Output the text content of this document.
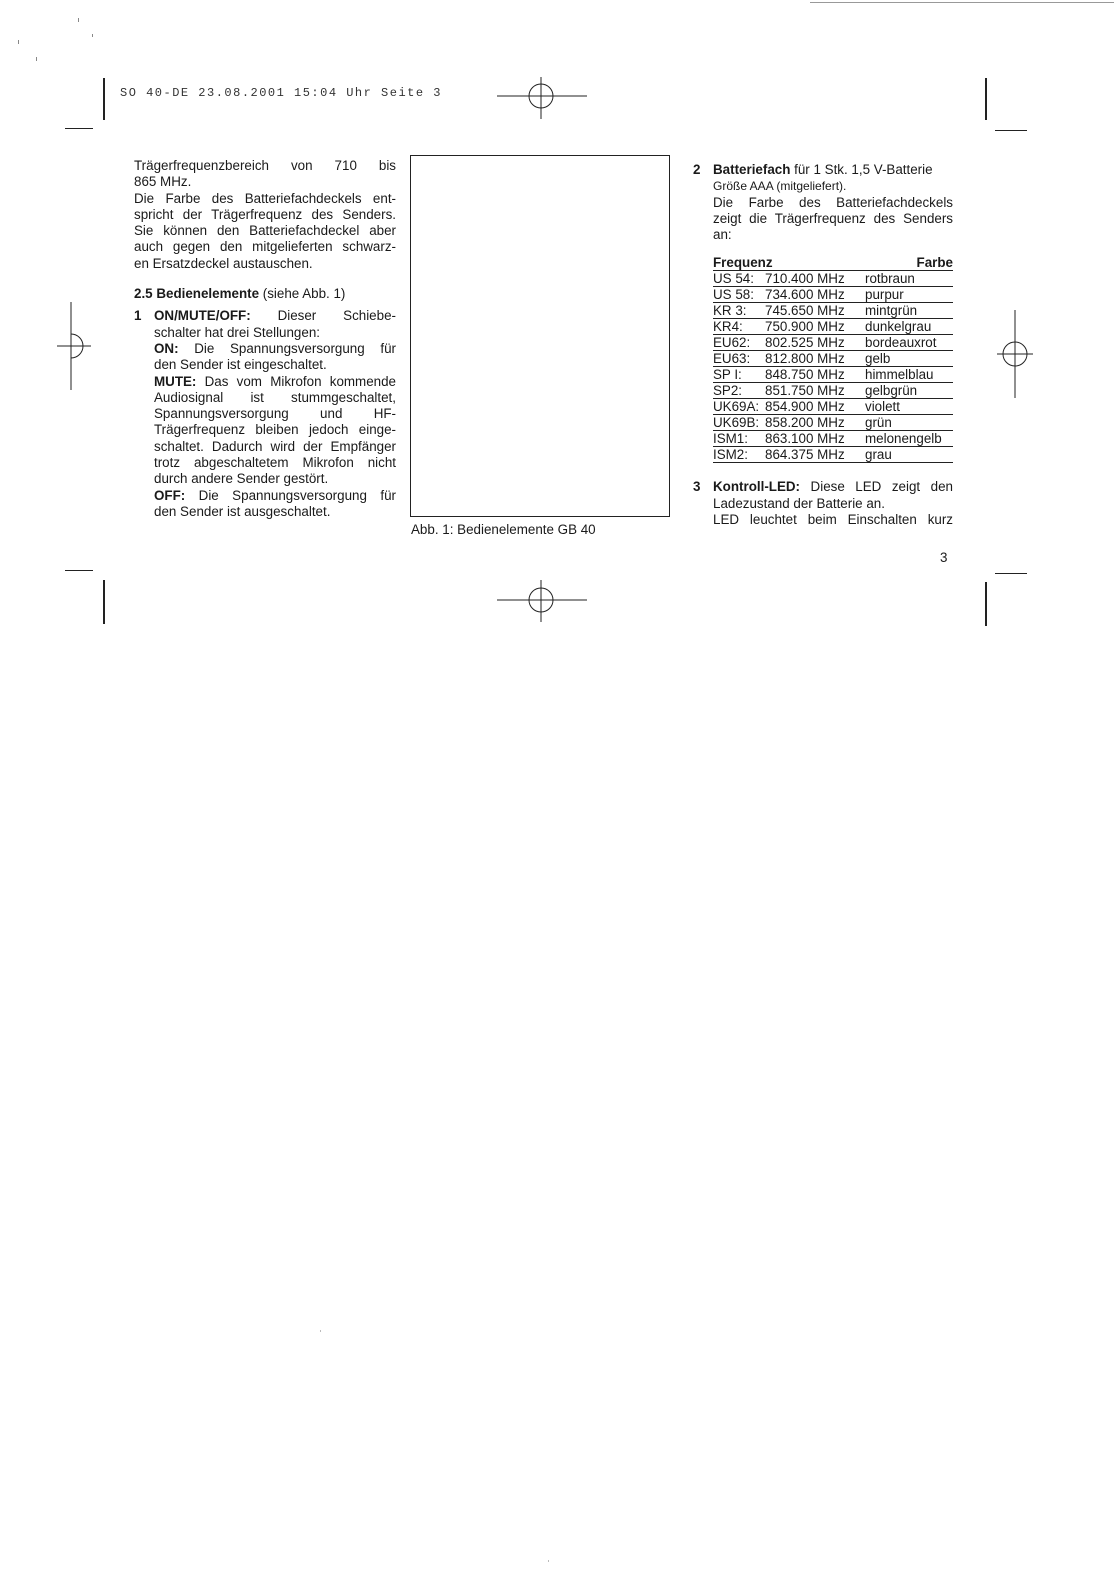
SO 40-DE 23.08.2001 15:04 Uhr Seite 3

Trägerfrequenzbereich von 710 bis

865 MHz.

Die Farbe des Batteriefachdeckels ent-

spricht der Trägerfrequenz des Senders.

Sie können den Batteriefachdeckel aber

auch gegen den mitgelieferten schwarz-

en Ersatzdeckel austauschen.

2.5 Bedienelemente (siehe Abb. 1)

1 ON/MUTE/OFF: Dieser Schiebe-

schalter hat drei Stellungen:

ON: Die Spannungsversorgung für

den Sender ist eingeschaltet.

MUTE: Das vom Mikrofon kommende

Audiosignal ist stummgeschaltet,

Spannungsversorgung und HF-

Trägerfrequenz bleiben jedoch einge-

schaltet. Dadurch wird der Empfänger

trotz abgeschaltetem Mikrofon nicht

durch andere Sender gestört.

OFF: Die Spannungsversorgung für

den Sender ist ausgeschaltet.

Abb. 1: Bedienelemente GB 40
2 Batteriefach für 1 Stk. 1,5 V-Batterie

Größe AAA (mitgeliefert).

Die Farbe des Batteriefachdeckels

zeigt die Trägerfrequenz des Senders

an:

Frequenz		Farbe
US 54:	710.400 MHz	rotbraun
US 58:	734.600 MHz	purpur
KR 3:	745.650 MHz	mintgrün
KR4:	750.900 MHz	dunkelgrau
EU62:	802.525 MHz	bordeauxrot
EU63:	812.800 MHz	gelb
SP I:	848.750 MHz	himmelblau
SP2:	851.750 MHz	gelbgrün
UK69A:	854.900 MHz	violett
UK69B:	858.200 MHz	grün
ISM1:	863.100 MHz	melonengelb
ISM2:	864.375 MHz	grau
3 Kontroll-LED: Diese LED zeigt den

Ladezustand der Batterie an.

LED leuchtet beim Einschalten kurz

3
